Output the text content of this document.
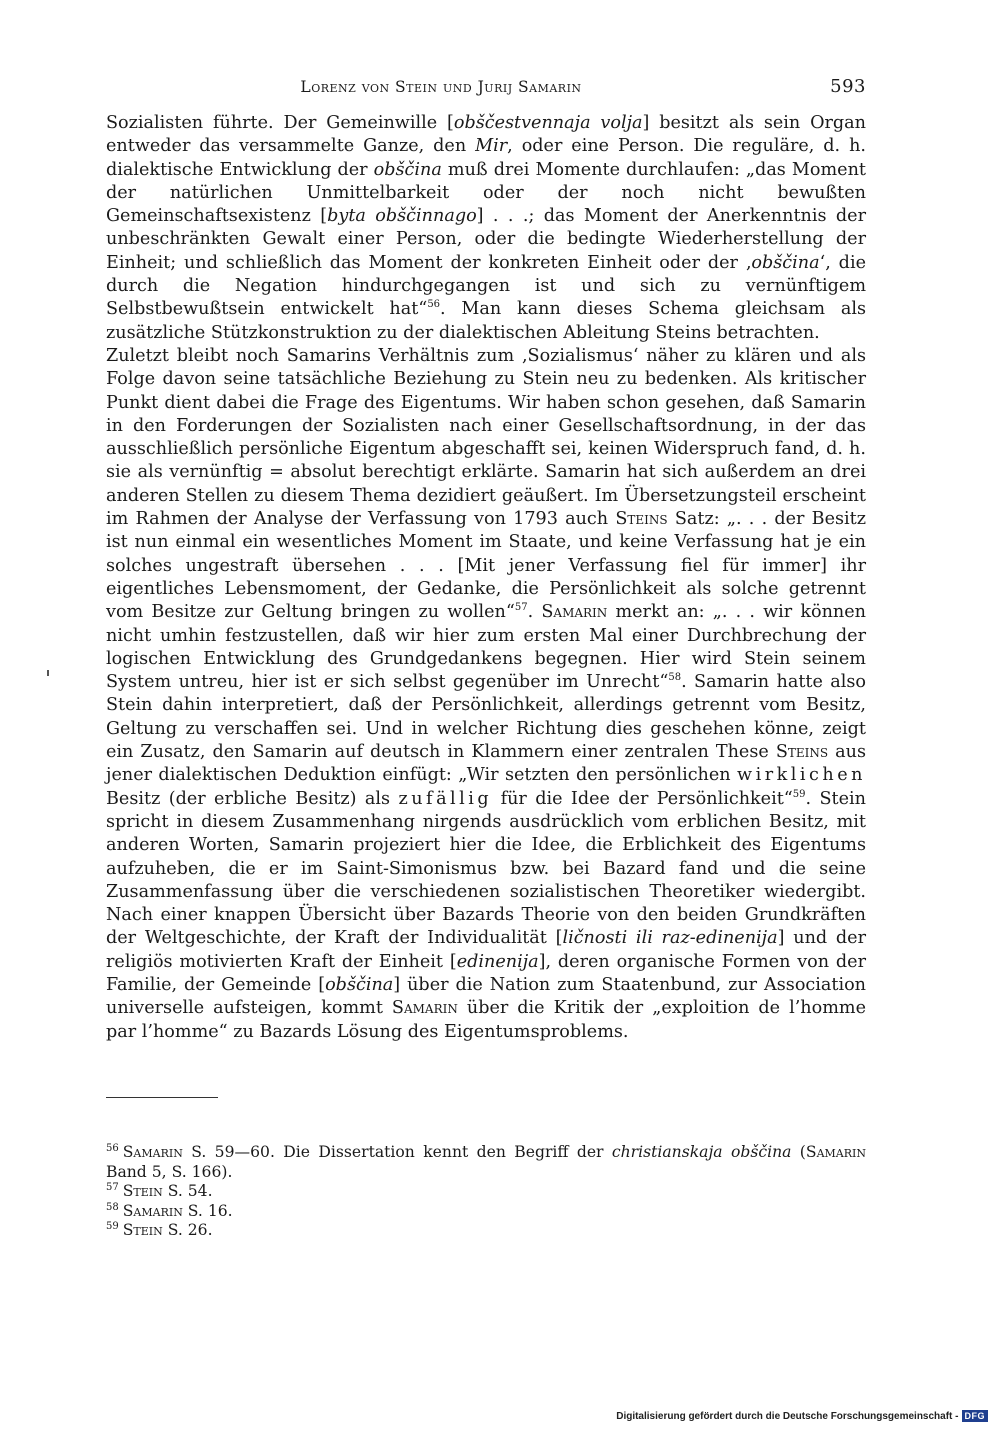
Lorenz von Stein und Jurij Samarin	593

Sozialisten führte. Der Gemeinwille [obščestvennaja volja] besitzt als sein Organ entweder das versammelte Ganze, den Mir, oder eine Person. Die reguläre, d. h. dialektische Entwicklung der obščina muß drei Momente durchlaufen: „das Moment der natürlichen Unmittelbarkeit oder der noch nicht bewußten Gemeinschaftsexistenz [byta obščinnago] . . .; das Moment der Anerkenntnis der unbeschränkten Gewalt einer Person, oder die bedingte Wiederherstellung der Einheit; und schließlich das Moment der konkreten Einheit oder der ‚obščina‘, die durch die Negation hindurchgegangen ist und sich zu vernünftigem Selbstbewußtsein entwickelt hat“$^{56}$. Man kann dieses Schema gleichsam als zusätzliche Stützkonstruktion zu der dialektischen Ableitung Steins betrachten.

Zuletzt bleibt noch Samarins Verhältnis zum ‚Sozialismus‘ näher zu klären und als Folge davon seine tatsächliche Beziehung zu Stein neu zu bedenken. Als kritischer Punkt dient dabei die Frage des Eigentums. Wir haben schon gesehen, daß Samarin in den Forderungen der Sozialisten nach einer Gesellschaftsordnung, in der das ausschließlich persönliche Eigentum abgeschafft sei, keinen Widerspruch fand, d. h. sie als vernünftig = absolut berechtigt erklärte. Samarin hat sich außerdem an drei anderen Stellen zu diesem Thema dezidiert geäußert. Im Übersetzungsteil erscheint im Rahmen der Analyse der Verfassung von 1793 auch Steins Satz: „. . . der Besitz ist nun einmal ein wesentliches Moment im Staate, und keine Verfassung hat je ein solches ungestraft übersehen . . . [Mit jener Verfassung fiel für immer] ihr eigentliches Lebensmoment, der Gedanke, die Persönlichkeit als solche getrennt vom Besitze zur Geltung bringen zu wollen“$^{57}$. Samarin merkt an: „. . . wir können nicht umhin festzustellen, daß wir hier zum ersten Mal einer Durchbrechung der logischen Entwicklung des Grundgedankens begegnen. Hier wird Stein seinem System untreu, hier ist er sich selbst gegenüber im Unrecht“$^{58}$. Samarin hatte also Stein dahin interpretiert, daß der Persönlichkeit, allerdings getrennt vom Besitz, Geltung zu verschaffen sei. Und in welcher Richtung dies geschehen könne, zeigt ein Zusatz, den Samarin auf deutsch in Klammern einer zentralen These Steins aus jener dialektischen Deduktion einfügt: „Wir setzten den persönlichen wirklichen Besitz (der erbliche Besitz) als zufällig für die Idee der Persönlichkeit“$^{59}$. Stein spricht in diesem Zusammenhang nirgends ausdrücklich vom erblichen Besitz, mit anderen Worten, Samarin projeziert hier die Idee, die Erblichkeit des Eigentums aufzuheben, die er im Saint-Simonismus bzw. bei Bazard fand und die seine Zusammenfassung über die verschiedenen sozialistischen Theoretiker wiedergibt. Nach einer knappen Übersicht über Bazards Theorie von den beiden Grundkräften der Weltgeschichte, der Kraft der Individualität [ličnosti ili raz-edinenija] und der religiös motivierten Kraft der Einheit [edinenija], deren organische Formen von der Familie, der Gemeinde [obščina] über die Nation zum Staatenbund, zur Association universelle aufsteigen, kommt Samarin über die Kritik der „exploition de l’homme par l’homme“ zu Bazards Lösung des Eigentumsproblems.

$^{56}$ Samarin S. 59—60. Die Dissertation kennt den Begriff der christianskaja obščina (Samarin Band 5, S. 166).

$^{57}$ Stein S. 54.

$^{58}$ Samarin S. 16.

$^{59}$ Stein S. 26.

Digitalisierung gefördert durch die Deutsche Forschungsgemeinschaft - DFG
